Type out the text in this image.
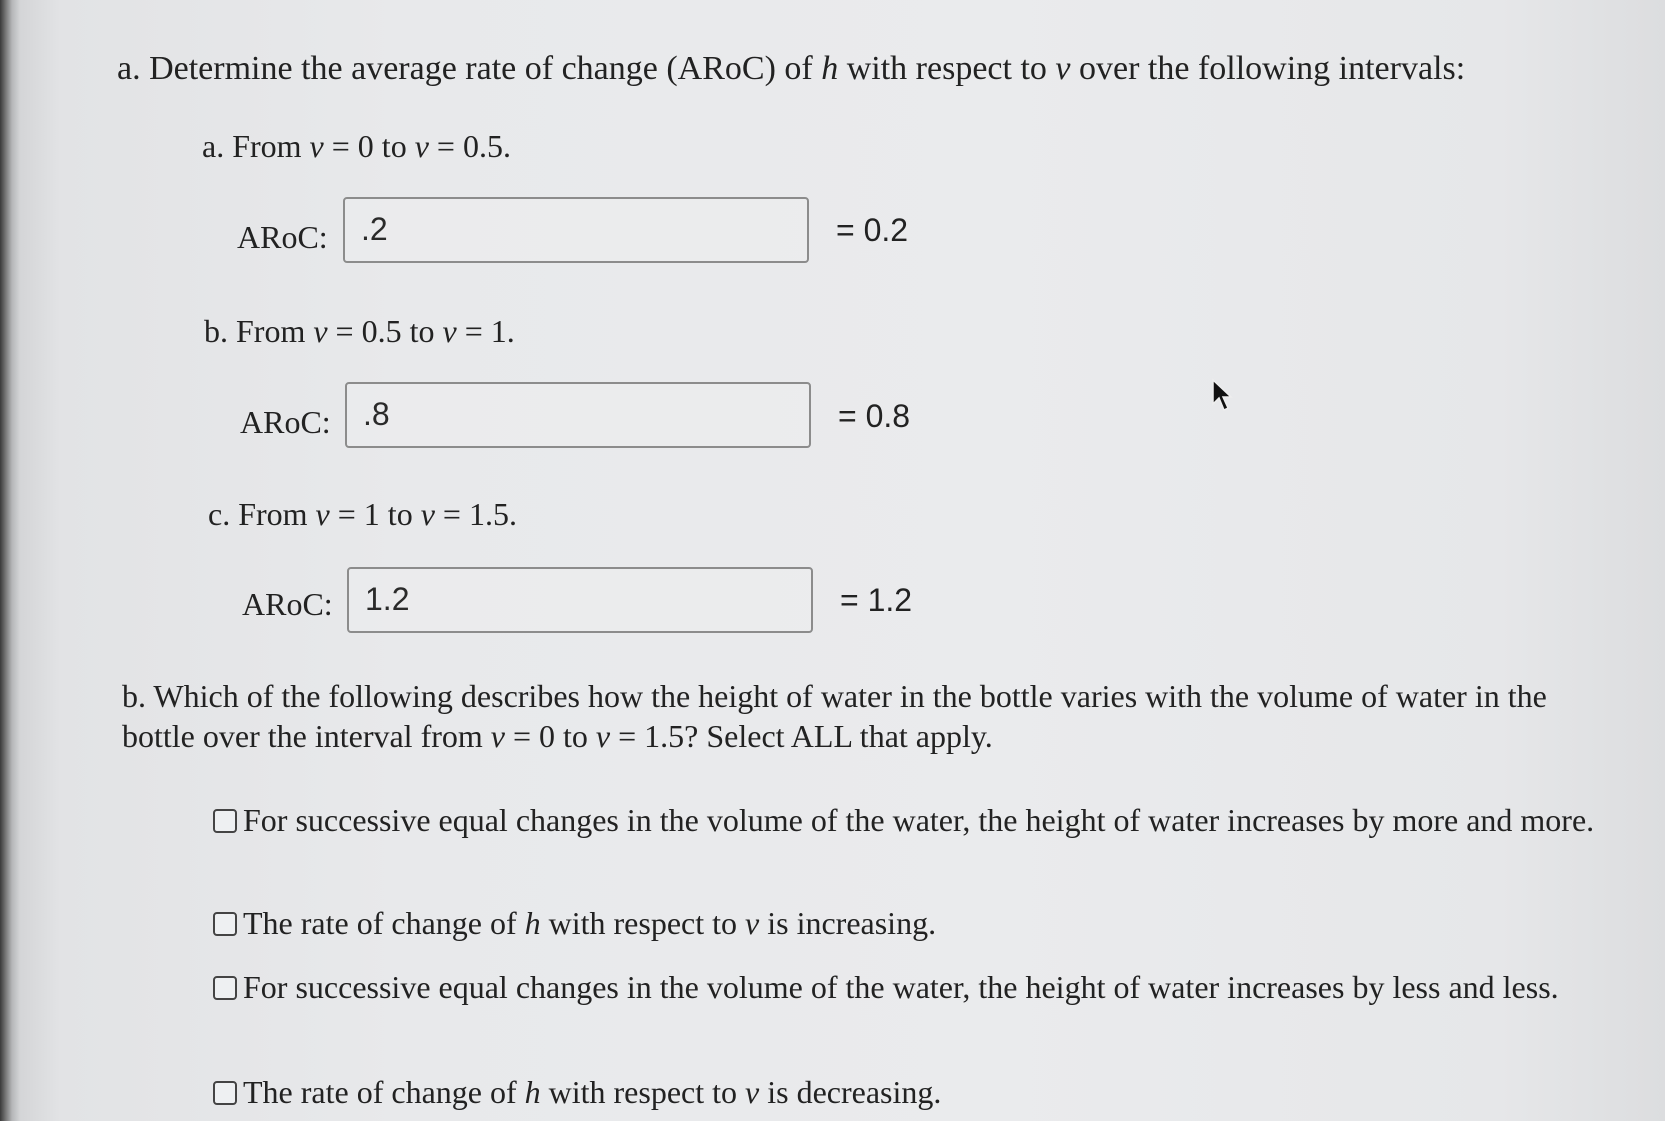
a. Determine the average rate of change (ARoC) of h with respect to v over the following intervals:
a. From v = 0 to v = 0.5.
ARoC: .2	= 0.2
b. From v = 0.5 to v = 1.
ARoC: .8	= 0.8
c. From v = 1 to v = 1.5.
ARoC: 1.2	= 1.2
b. Which of the following describes how the height of water in the bottle varies with the volume of water in the bottle over the interval from v = 0 to v = 1.5? Select ALL that apply.
For successive equal changes in the volume of the water, the height of water increases by more and more.
The rate of change of h with respect to v is increasing.
For successive equal changes in the volume of the water, the height of water increases by less and less.
The rate of change of h with respect to v is decreasing.
